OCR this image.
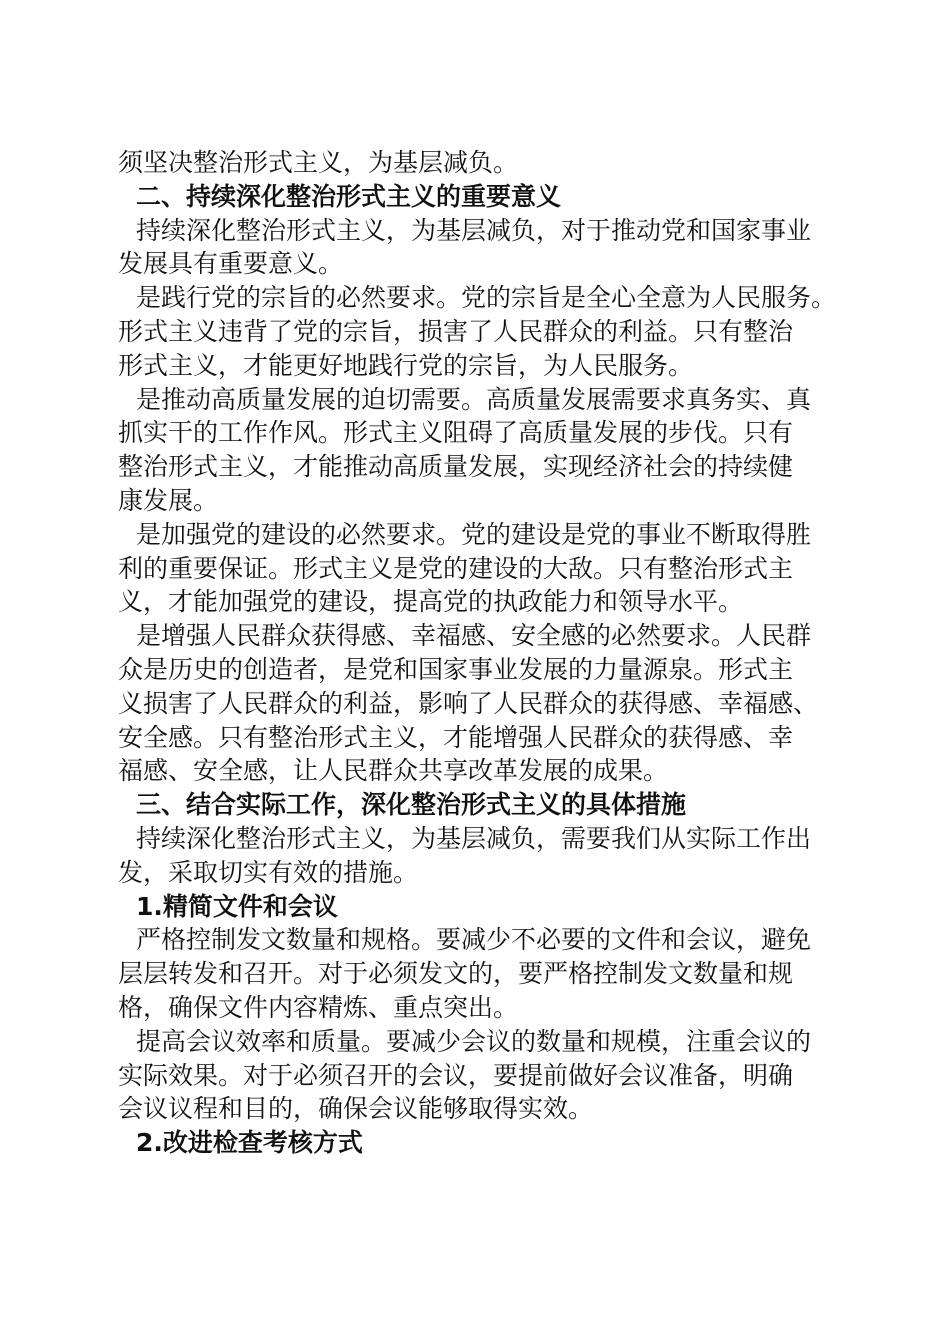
须坚决整治形式主义，为基层减负。
二、持续深化整治形式主义的重要意义
持续深化整治形式主义，为基层减负，对于推动党和国家事业
发展具有重要意义。
是践行党的宗旨的必然要求。党的宗旨是全心全意为人民服务。
形式主义违背了党的宗旨，损害了人民群众的利益。只有整治
形式主义，才能更好地践行党的宗旨，为人民服务。
是推动高质量发展的迫切需要。高质量发展需要求真务实、真
抓实干的工作作风。形式主义阻碍了高质量发展的步伐。只有
整治形式主义，才能推动高质量发展，实现经济社会的持续健
康发展。
是加强党的建设的必然要求。党的建设是党的事业不断取得胜
利的重要保证。形式主义是党的建设的大敌。只有整治形式主
义，才能加强党的建设，提高党的执政能力和领导水平。
是增强人民群众获得感、幸福感、安全感的必然要求。人民群
众是历史的创造者，是党和国家事业发展的力量源泉。形式主
义损害了人民群众的利益，影响了人民群众的获得感、幸福感、
安全感。只有整治形式主义，才能增强人民群众的获得感、幸
福感、安全感，让人民群众共享改革发展的成果。
三、结合实际工作，深化整治形式主义的具体措施
持续深化整治形式主义，为基层减负，需要我们从实际工作出
发，采取切实有效的措施。
1.精简文件和会议
严格控制发文数量和规格。要减少不必要的文件和会议，避免
层层转发和召开。对于必须发文的，要严格控制发文数量和规
格，确保文件内容精炼、重点突出。
提高会议效率和质量。要减少会议的数量和规模，注重会议的
实际效果。对于必须召开的会议，要提前做好会议准备，明确
会议议程和目的，确保会议能够取得实效。
2.改进检查考核方式
